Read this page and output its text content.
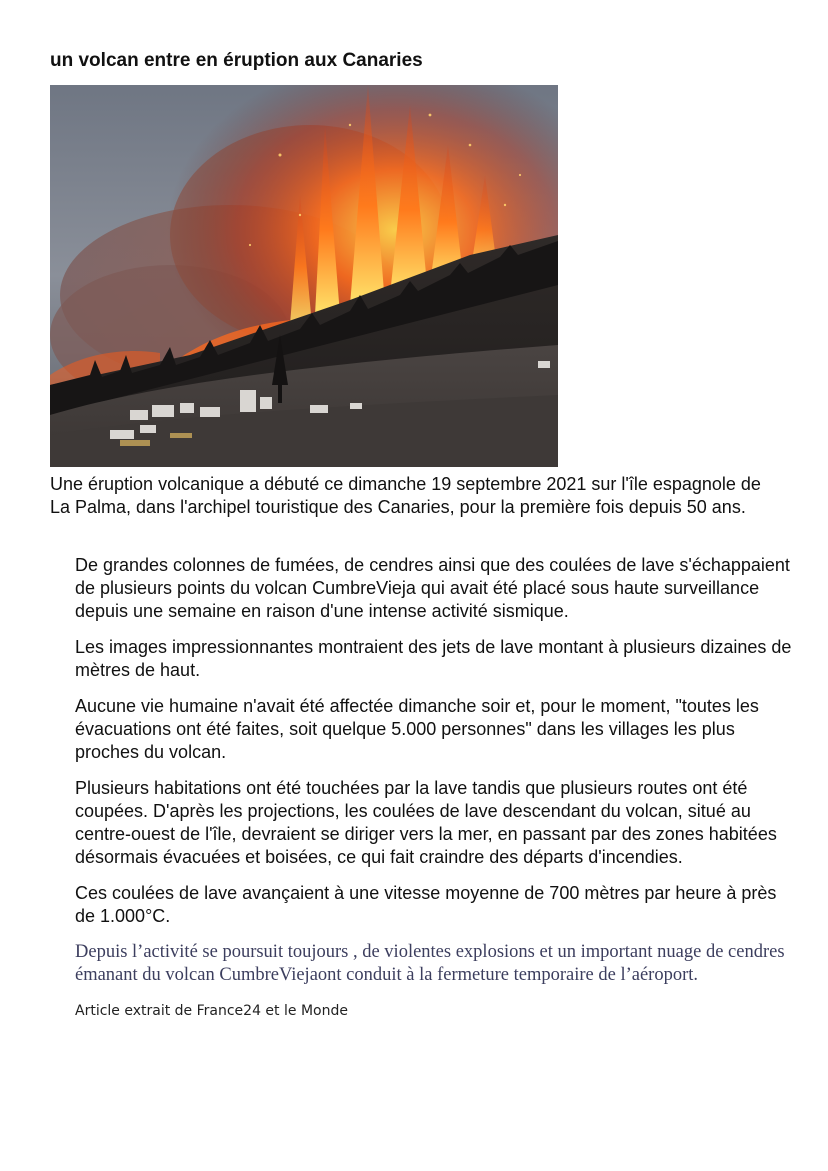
un volcan entre en éruption aux Canaries

Une éruption volcanique a débuté ce dimanche 19 septembre 2021 sur l'île espagnole de La Palma, dans l'archipel touristique des Canaries, pour la première fois depuis 50 ans.

De grandes colonnes de fumées, de cendres ainsi que des coulées de lave s'échappaient de plusieurs points du volcan CumbreVieja qui avait été placé sous haute surveillance depuis une semaine en raison d'une intense activité sismique.

Les images impressionnantes montraient des jets de lave montant à plusieurs dizaines de mètres de haut.

Aucune vie humaine n'avait été affectée dimanche soir et, pour le moment, "toutes les évacuations ont été faites, soit quelque 5.000 personnes" dans les villages les plus proches du volcan.

Plusieurs habitations ont été touchées par la lave tandis que plusieurs routes ont été coupées. D'après les projections, les coulées de lave descendant du volcan, situé au centre-ouest de l'île, devraient se diriger vers la mer, en passant par des zones habitées désormais évacuées et boisées, ce qui fait craindre des départs d'incendies.

Ces coulées de lave avançaient à une vitesse moyenne de 700 mètres par heure à près de 1.000°C.

Depuis l’activité se poursuit toujours , de violentes explosions et un important nuage de cendres émanant du volcan CumbreViejaont conduit à la fermeture temporaire de l’aéroport.

Article extrait de France24 et le Monde
